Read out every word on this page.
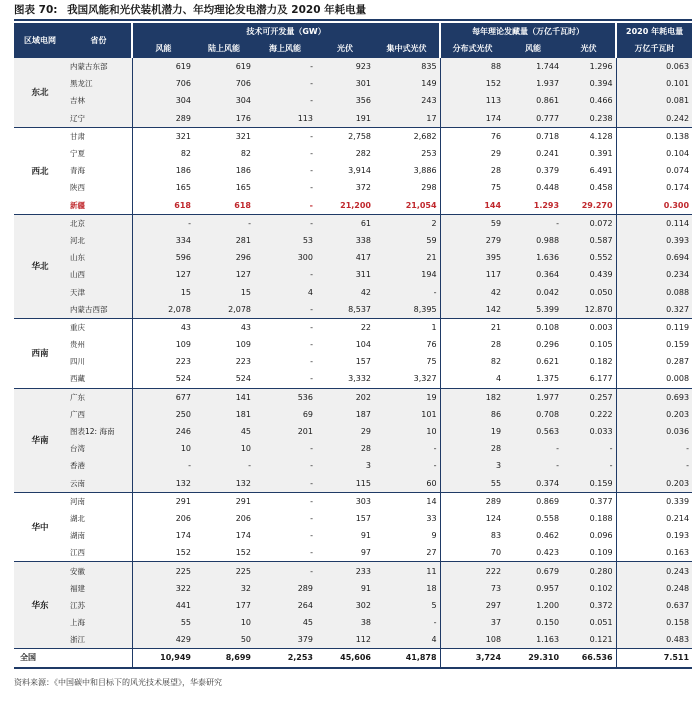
图表 70: 我国风能和光伏装机潜力、年均理论发电潜力及 2020 年耗电量
区域电网	省份	技术可开发量（GW）					每年理论发藏量（万亿千瓦时）			2020 年耗电量
		风能	陆上风能	海上风能	光伏	集中式光伏	分布式光伏	风能	光伏	万亿千瓦时
东北	内蒙古东部	619	619	-	923	835	88	1.744	1.296	0.063
	黑龙江	706	706	-	301	149	152	1.937	0.394	0.101
	吉林	304	304	-	356	243	113	0.861	0.466	0.081
	辽宁	289	176	113	191	17	174	0.777	0.238	0.242
西北	甘肃	321	321	-	2,758	2,682	76	0.718	4.128	0.138
	宁夏	82	82	-	282	253	29	0.241	0.391	0.104
	青海	186	186	-	3,914	3,886	28	0.379	6.491	0.074
	陕西	165	165	-	372	298	75	0.448	0.458	0.174
	新疆	618	618	-	21,200	21,054	144	1.293	29.270	0.300
华北	北京	-	-	-	61	2	59	-	0.072	0.114
	河北	334	281	53	338	59	279	0.988	0.587	0.393
	山东	596	296	300	417	21	395	1.636	0.552	0.694
	山西	127	127	-	311	194	117	0.364	0.439	0.234
	天津	15	15	4	42	-	42	0.042	0.050	0.088
	内蒙古西部	2,078	2,078	-	8,537	8,395	142	5.399	12.870	0.327
西南	重庆	43	43	-	22	1	21	0.108	0.003	0.119
	贵州	109	109	-	104	76	28	0.296	0.105	0.159
	四川	223	223	-	157	75	82	0.621	0.182	0.287
	西藏	524	524	-	3,332	3,327	4	1.375	6.177	0.008
华南	广东	677	141	536	202	19	182	1.977	0.257	0.693
	广西	250	181	69	187	101	86	0.708	0.222	0.203
	图表12: 海南	246	45	201	29	10	19	0.563	0.033	0.036
	台湾	10	10	-	28	-	28	-	-	-
	香港	-	-	-	3	-	3	-	-	-
	云南	132	132	-	115	60	55	0.374	0.159	0.203
华中	河南	291	291	-	303	14	289	0.869	0.377	0.339
	湖北	206	206	-	157	33	124	0.558	0.188	0.214
	湖南	174	174	-	91	9	83	0.462	0.096	0.193
	江西	152	152	-	97	27	70	0.423	0.109	0.163
华东	安徽	225	225	-	233	11	222	0.679	0.280	0.243
	福建	322	32	289	91	18	73	0.957	0.102	0.248
	江苏	441	177	264	302	5	297	1.200	0.372	0.637
	上海	55	10	45	38	-	37	0.150	0.051	0.158
	浙江	429	50	379	112	4	108	1.163	0.121	0.483
全国		10,949	8,699	2,253	45,606	41,878	3,724	29.310	66.536	7.511
资料来源：《中国碳中和目标下的风光技术展望》，华泰研究
